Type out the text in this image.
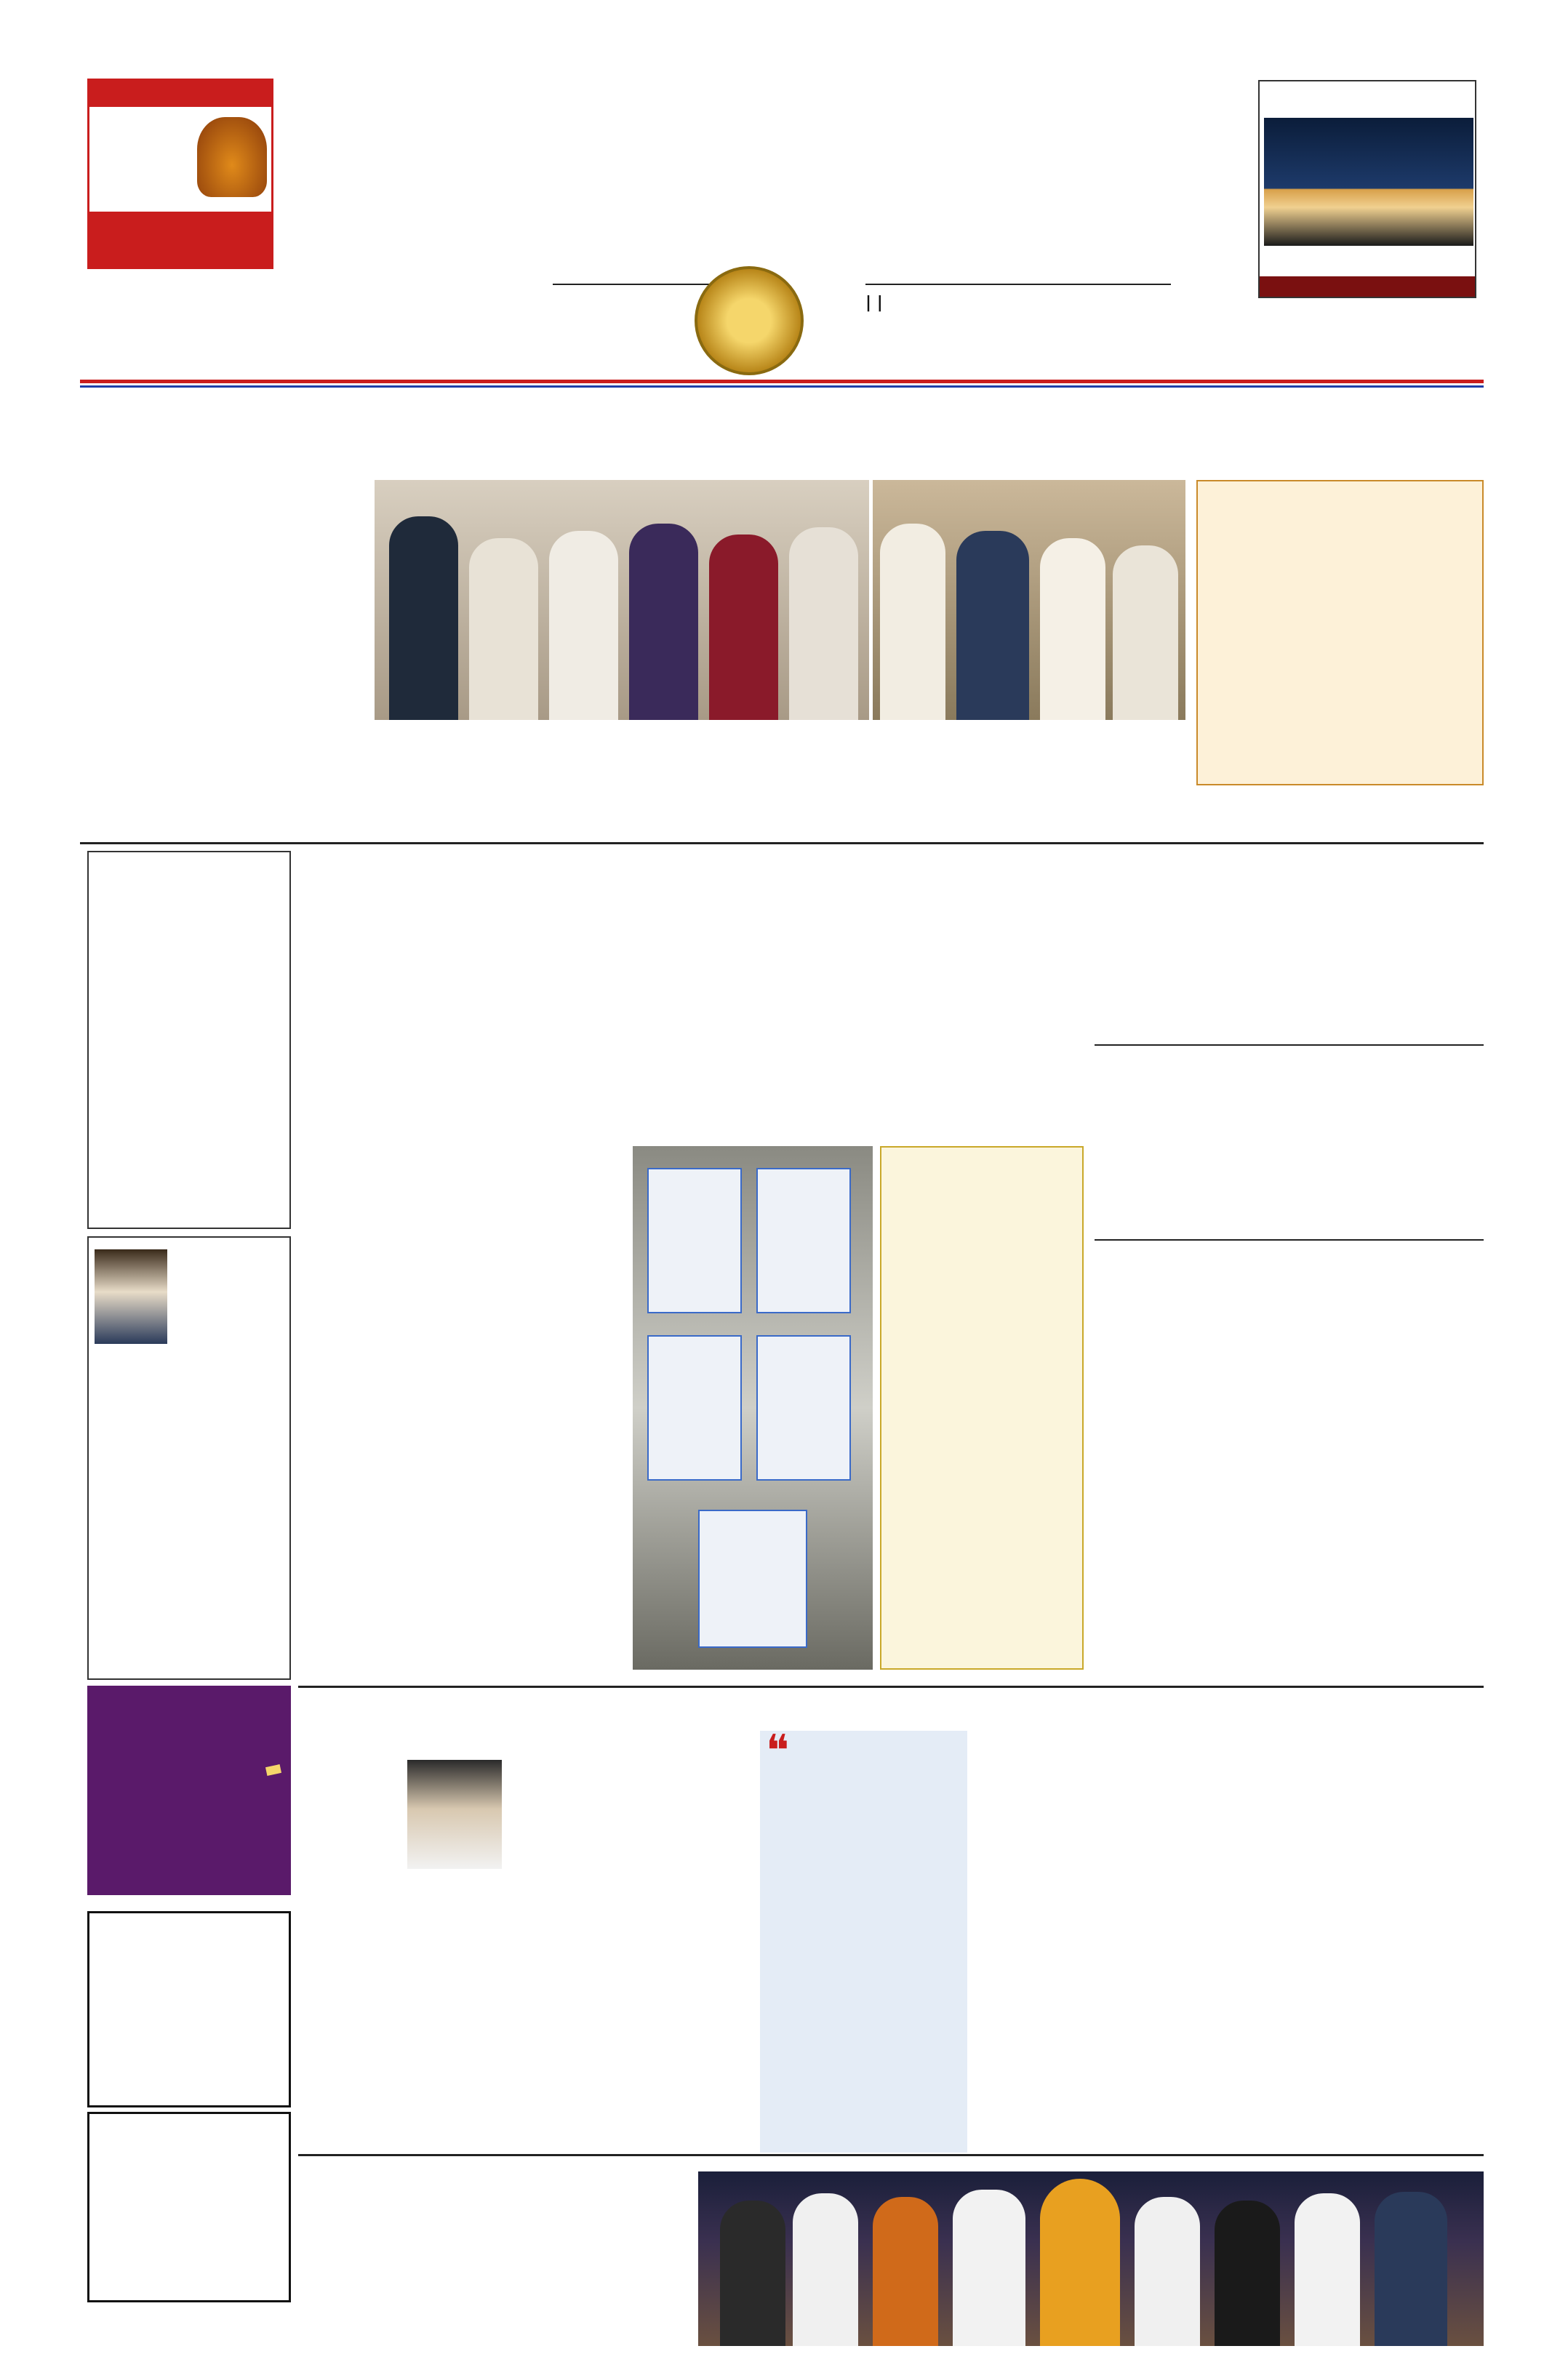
| |

❝
